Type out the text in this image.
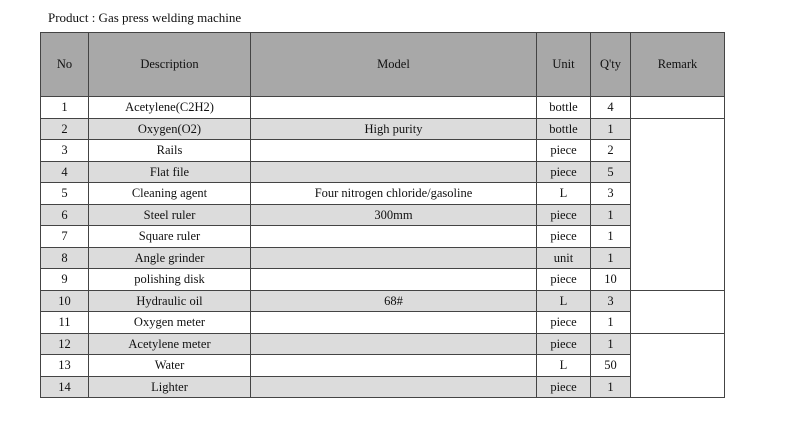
Product : Gas press welding machine
No	Description	Model	Unit	Q'ty	Remark
1	Acetylene(C2H2)		bottle	4	
2	Oxygen(O2)	High purity	bottle	1	
3	Rails		piece	2	
4	Flat file		piece	5	
5	Cleaning agent	Four nitrogen chloride/gasoline	L	3	
6	Steel ruler	300mm	piece	1	
7	Square ruler		piece	1	
8	Angle grinder		unit	1	
9	polishing disk		piece	10	
10	Hydraulic oil	68#	L	3	
11	Oxygen meter		piece	1	
12	Acetylene meter		piece	1	
13	Water		L	50	
14	Lighter		piece	1	
